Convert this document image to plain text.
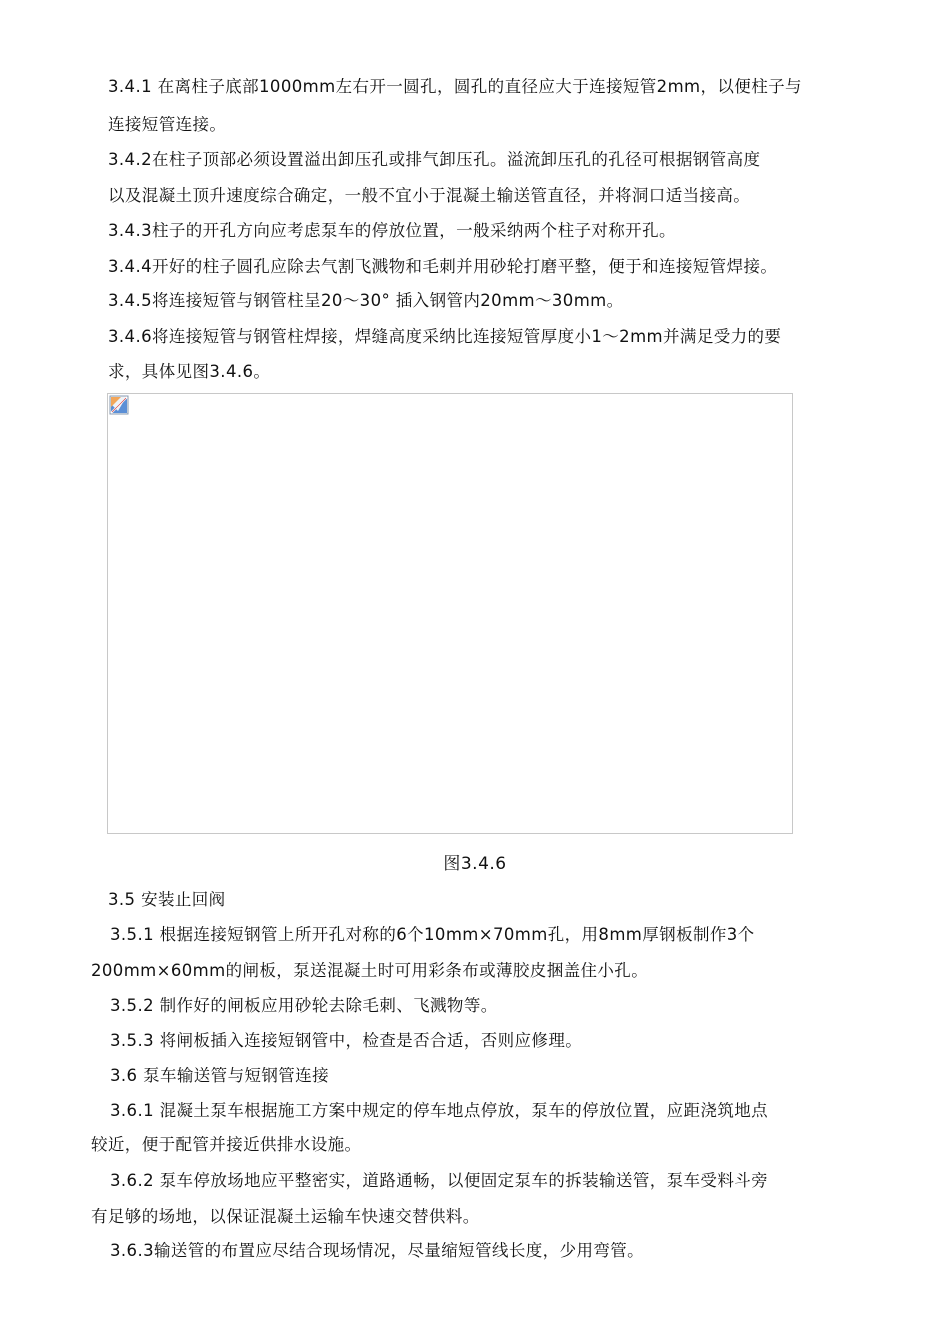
3.4.1 在离柱子底部1000mm左右开一圆孔，圆孔的直径应大于连接短管2mm，以便柱子与
连接短管连接。
3.4.2在柱子顶部必须设置溢出卸压孔或排气卸压孔。溢流卸压孔的孔径可根据钢管高度
以及混凝土顶升速度综合确定，一般不宜小于混凝土输送管直径，并将洞口适当接高。
3.4.3柱子的开孔方向应考虑泵车的停放位置，一般采纳两个柱子对称开孔。
3.4.4开好的柱子圆孔应除去气割飞溅物和毛刺并用砂轮打磨平整，便于和连接短管焊接。
3.4.5将连接短管与钢管柱呈20～30° 插入钢管内20mm～30mm。
3.4.6将连接短管与钢管柱焊接，焊缝高度采纳比连接短管厚度小1～2mm并满足受力的要
求，具体见图3.4.6。
图3.4.6
3.5 安装止回阀
3.5.1 根据连接短钢管上所开孔对称的6个10mm×70mm孔，用8mm厚钢板制作3个
200mm×60mm的闸板，泵送混凝土时可用彩条布或薄胶皮捆盖住小孔。
3.5.2 制作好的闸板应用砂轮去除毛刺、飞溅物等。
3.5.3 将闸板插入连接短钢管中，检查是否合适，否则应修理。
3.6 泵车输送管与短钢管连接
3.6.1 混凝土泵车根据施工方案中规定的停车地点停放，泵车的停放位置，应距浇筑地点
较近，便于配管并接近供排水设施。
3.6.2 泵车停放场地应平整密实，道路通畅，以便固定泵车的拆装输送管，泵车受料斗旁
有足够的场地，以保证混凝土运输车快速交替供料。
3.6.3输送管的布置应尽结合现场情况，尽量缩短管线长度，少用弯管。
